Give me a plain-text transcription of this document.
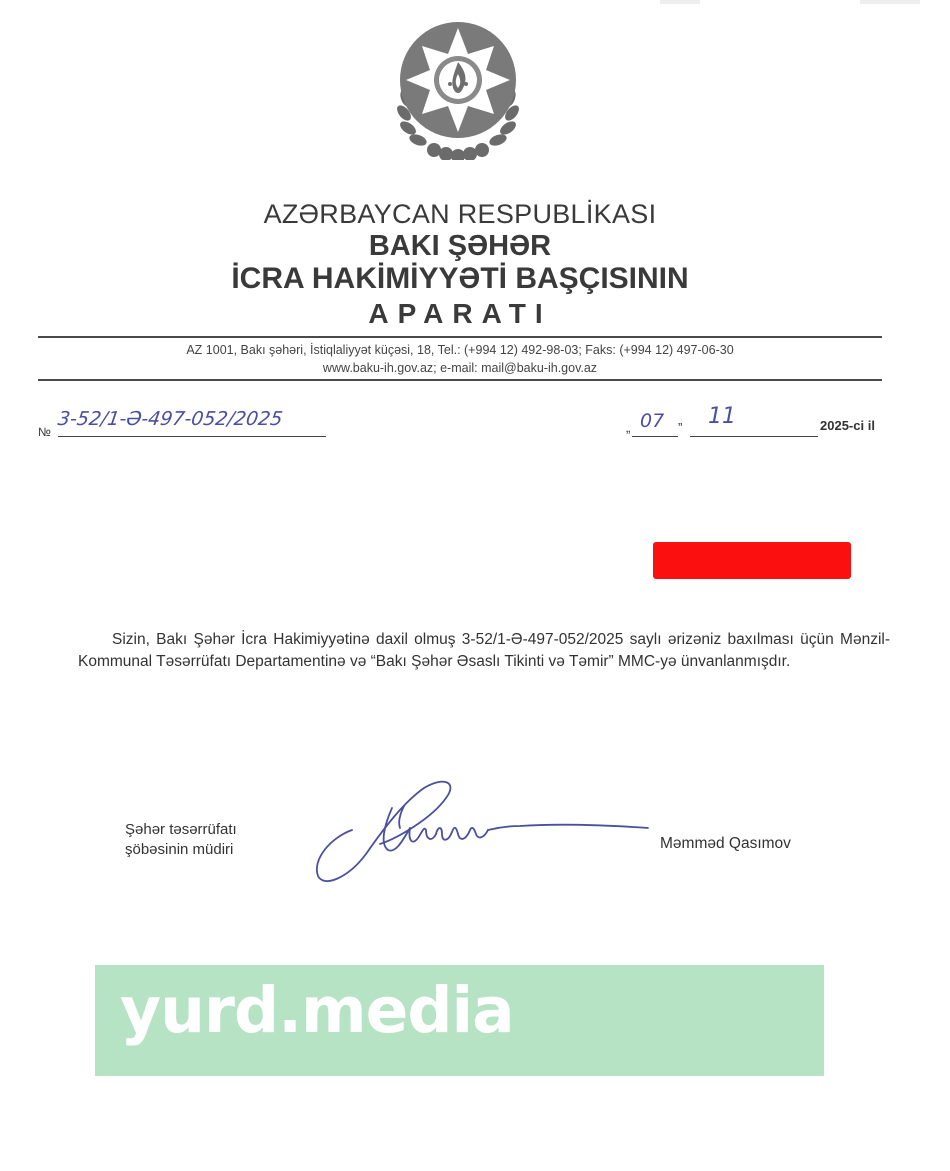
AZƏRBAYCAN RESPUBLİKASI
BAKI ŞƏHƏR
İCRA HAKİMİYYƏTİ BAŞÇISININ
APARATI
AZ 1001, Bakı şəhəri, İstiqlaliyyət küçəsi, 18, Tel.: (+994 12) 492-98-03; Faks: (+994 12) 497-06-30
www.baku-ih.gov.az; e-mail: mail@baku-ih.gov.az
№
3-52/1-Ə-497-052/2025	„ 07 ” 11	2025-ci il
Sizin, Bakı Şəhər İcra Hakimiyyətinə daxil olmuş 3-52/1-Ə-497-052/2025 saylı ərizəniz baxılması üçün Mənzil-Kommunal Təsərrüfatı Departamentinə və “Bakı Şəhər Əsaslı Tikinti və Təmir” MMC-yə ünvanlanmışdır.
Şəhər təsərrüfatı
şöbəsinin müdiri	Məmməd Qasımov
yurd.media
